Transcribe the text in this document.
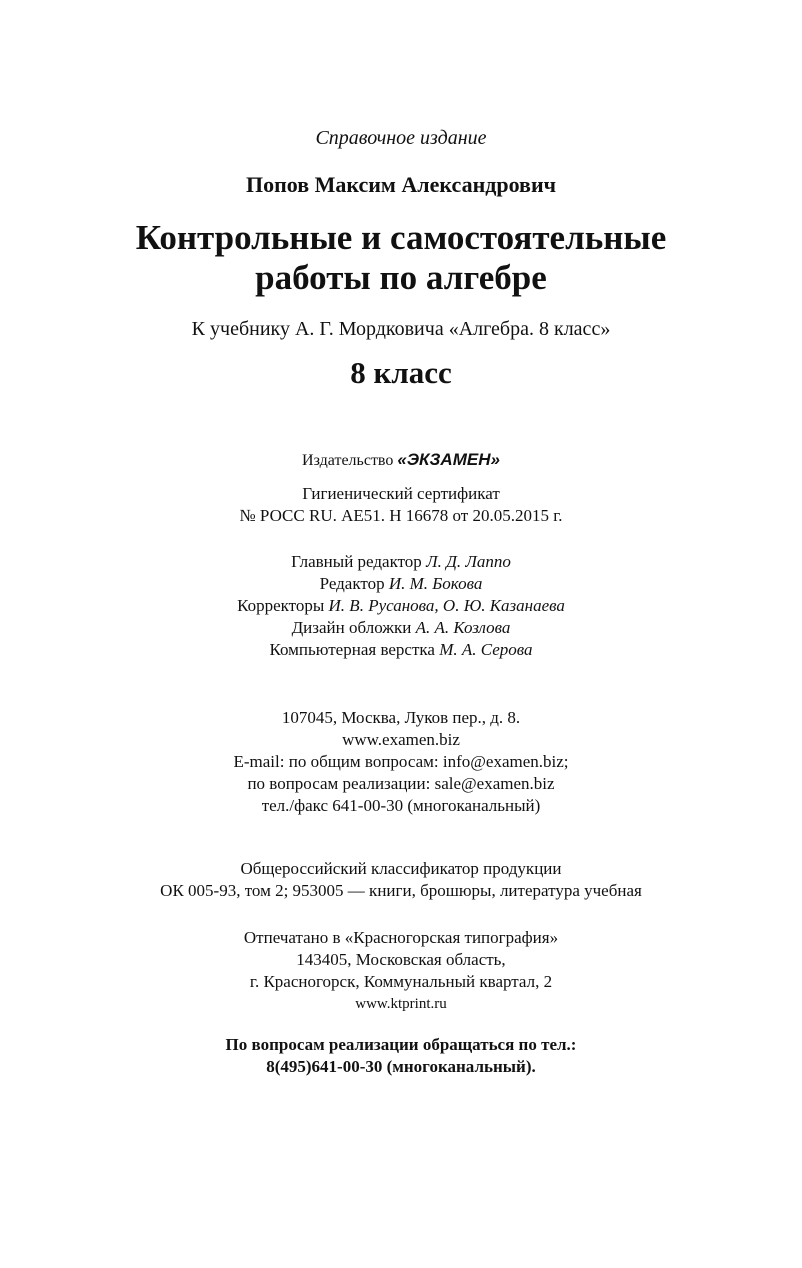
Справочное издание
Попов Максим Александрович
Контрольные и самостоятельные
работы по алгебре
К учебнику А. Г. Мордковича «Алгебра. 8 класс»
8 класс
Издательство «ЭКЗАМЕН»
Гигиенический сертификат
№ РОСС RU. АЕ51. Н 16678 от 20.05.2015 г.
Главный редактор Л. Д. Лаппо
Редактор И. М. Бокова
Корректоры И. В. Русанова, О. Ю. Казанаева
Дизайн обложки А. А. Козлова
Компьютерная верстка М. А. Серова
107045, Москва, Луков пер., д. 8.
www.examen.biz
E-mail: по общим вопросам: info@examen.biz;
по вопросам реализации: sale@examen.biz
тел./факс 641-00-30 (многоканальный)
Общероссийский классификатор продукции
ОК 005-93, том 2; 953005 — книги, брошюры, литература учебная
Отпечатано в «Красногорская типография»
143405, Московская область,
г. Красногорск, Коммунальный квартал, 2
www.ktprint.ru
По вопросам реализации обращаться по тел.:
8(495)641-00-30 (многоканальный).
